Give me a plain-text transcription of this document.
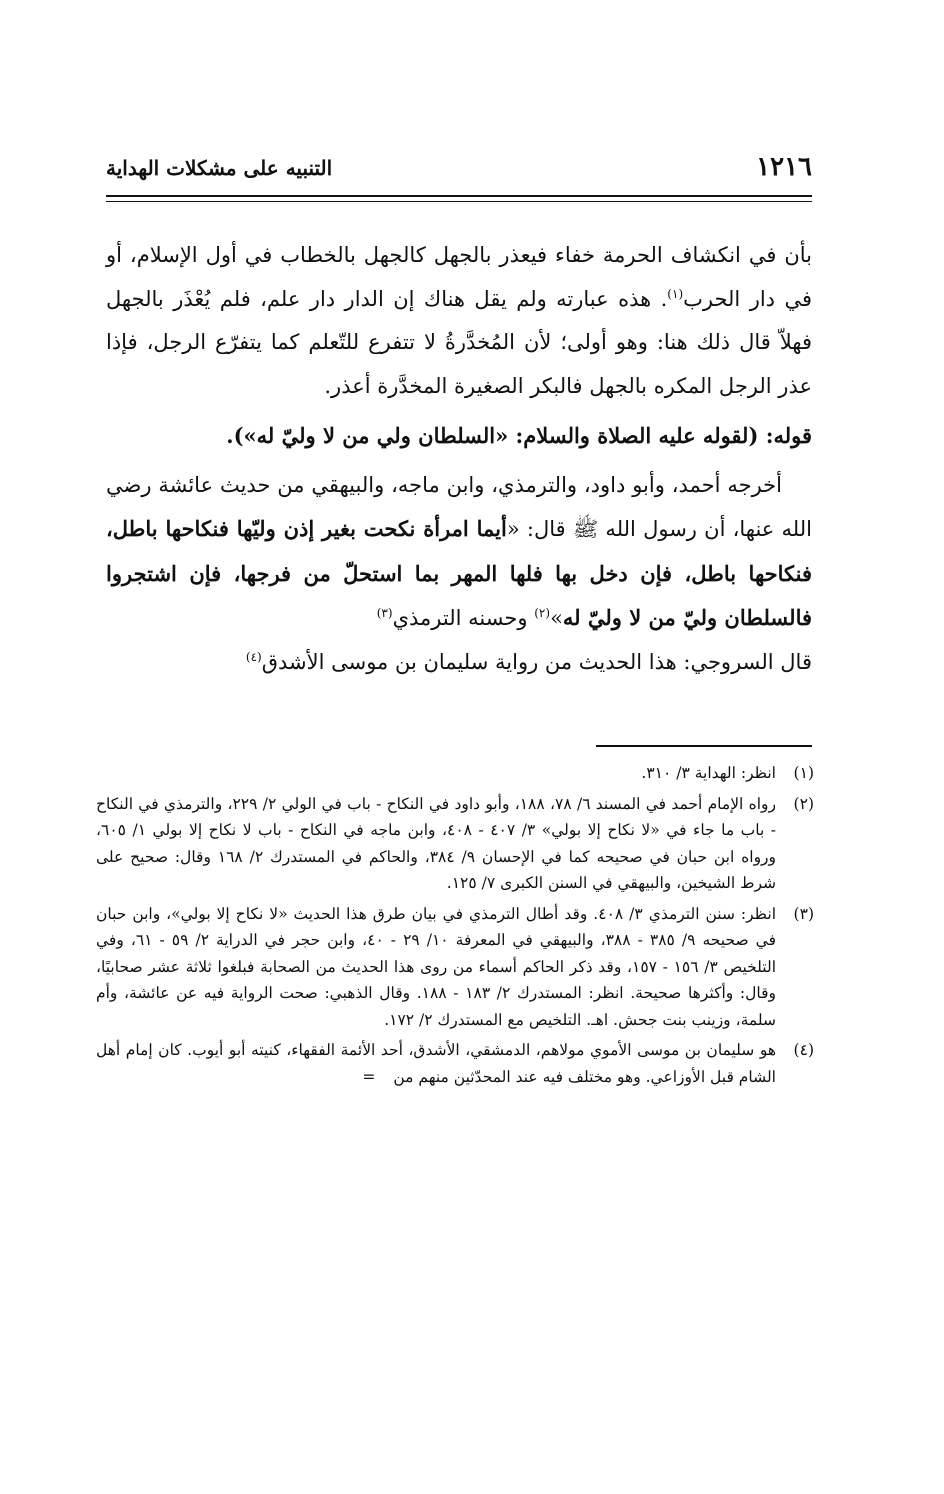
١٢١٦
التنبيه على مشكلات الهداية

بأن في انكشاف الحرمة خفاء فيعذر بالجهل كالجهل بالخطاب في أول الإسلام، أو في دار الحرب$^{(١)}$. هذه عبارته ولم يقل هناك إن الدار دار علم، فلم يُعْذَر بالجهل فهلاّ قال ذلك هنا: وهو أولى؛ لأن المُخدَّرةُ لا تتفرع للتّعلم كما يتفرّع الرجل، فإذا عذر الرجل المكره بالجهل فالبكر الصغيرة المخدَّرة أعذر.

قوله: (لقوله عليه الصلاة والسلام: «السلطان ولي من لا وليّ له»).

أخرجه أحمد، وأبو داود، والترمذي، وابن ماجه، والبيهقي من حديث عائشة رضي الله عنها، أن رسول الله ﷺ قال: «أيما امرأة نكحت بغير إذن وليّها فنكاحها باطل، فنكاحها باطل، فإن دخل بها فلها المهر بما استحلّ من فرجها، فإن اشتجروا فالسلطان وليّ من لا وليّ له»$^{(٢)}$ وحسنه الترمذي$^{(٣)}$

قال السروجي: هذا الحديث من رواية سليمان بن موسى الأشدق$^{(٤)}$

(١)
انظر: الهداية ٣/ ٣١٠.
(٢)
رواه الإمام أحمد في المسند ٦/ ٧٨، ١٨٨، وأبو داود في النكاح - باب في الولي ٢/ ٢٢٩، والترمذي في النكاح - باب ما جاء في «لا نكاح إلا بولي» ٣/ ٤٠٧ - ٤٠٨، وابن ماجه في النكاح - باب لا نكاح إلا بولي ١/ ٦٠٥، ورواه ابن حبان في صحيحه كما في الإحسان ٩/ ٣٨٤، والحاكم في المستدرك ٢/ ١٦٨ وقال: صحيح على شرط الشيخين، والبيهقي في السنن الكبرى ٧/ ١٢٥.
(٣)
انظر: سنن الترمذي ٣/ ٤٠٨. وقد أطال الترمذي في بيان طرق هذا الحديث «لا نكاح إلا بولي»، وابن حبان في صحيحه ٩/ ٣٨٥ - ٣٨٨، والبيهقي في المعرفة ١٠/ ٢٩ - ٤٠، وابن حجر في الدراية ٢/ ٥٩ - ٦١، وفي التلخيص ٣/ ١٥٦ - ١٥٧، وقد ذكر الحاكم أسماء من روى هذا الحديث من الصحابة فبلغوا ثلاثة عشر صحابيًا، وقال: وأكثرها صحيحة. انظر: المستدرك ٢/ ١٨٣ - ١٨٨. وقال الذهبي: صحت الرواية فيه عن عائشة، وأم سلمة، وزينب بنت جحش. اهـ. التلخيص مع المستدرك ٢/ ١٧٢.
(٤)
هو سليمان بن موسى الأموي مولاهم، الدمشقي، الأشدق، أحد الأئمة الفقهاء، كنيته أبو أيوب. كان إمام أهل الشام قبل الأوزاعي. وهو مختلف فيه عند المحدّثين منهم من=
